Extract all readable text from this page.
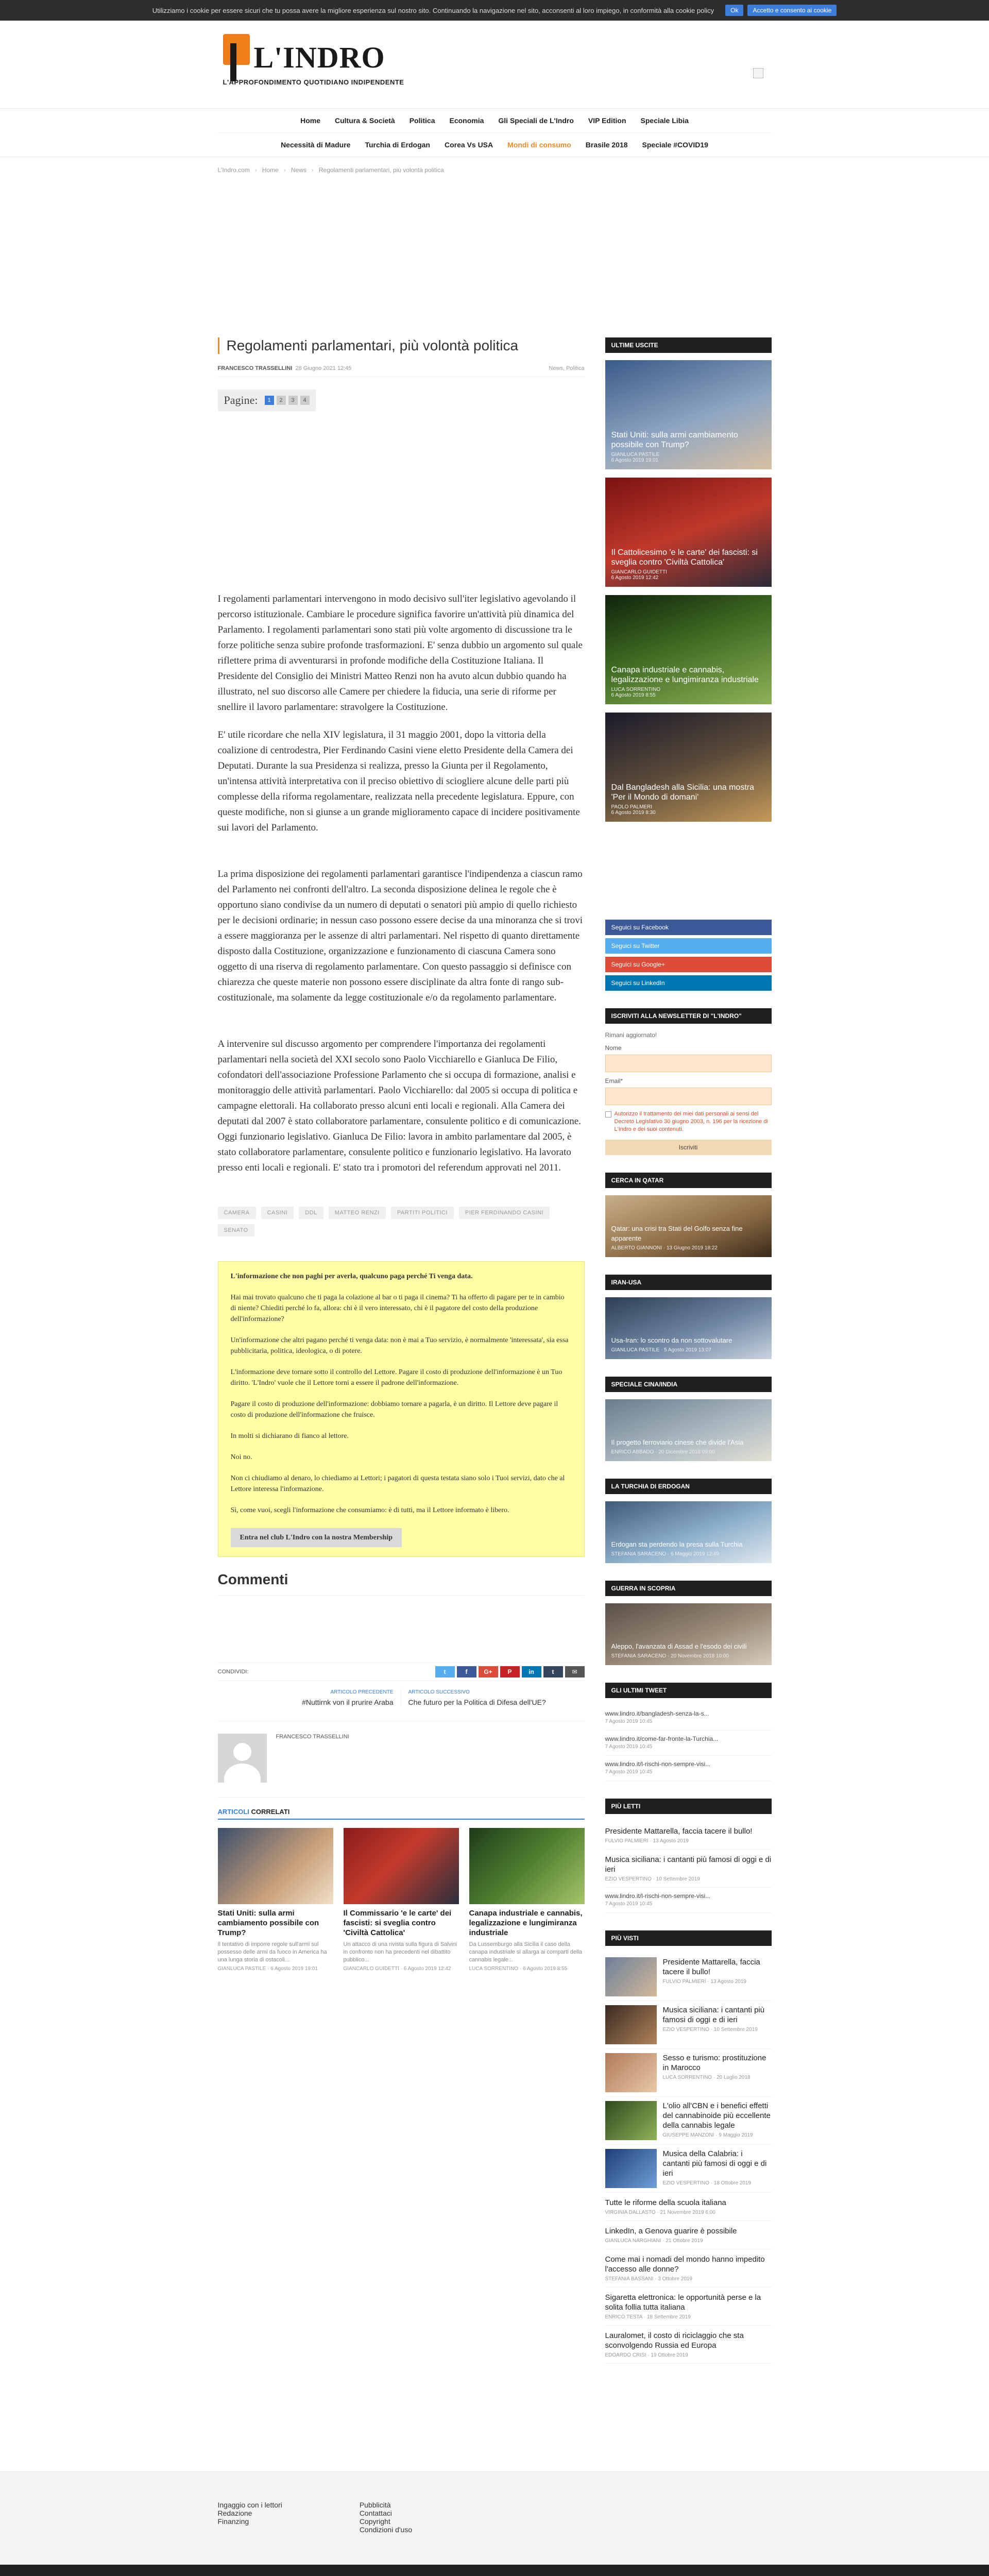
Utilizziamo i cookie per essere sicuri che tu possa avere la migliore esperienza sul nostro sito. Continuando la navigazione nel sito, acconsenti al loro impiego, in conformità alla cookie policy	Ok	Accetto e consento ai cookie
L'INDRO
L'APPROFONDIMENTO QUOTIDIANO INDIPENDENTE
Home	Cultura & Società	Politica	Economia	Gli Speciali de L'Indro	VIP Edition	Speciale Libia
Necessità di Madure	Turchia di Erdogan	Corea Vs USA	Mondi di consumo	Brasile 2018	Speciale #COVID19
L'Indro.com › Home › News › Regolamenti parlamentari, più volontà politica
Regolamenti parlamentari, più volontà politica
FRANCESCO TRASSELLINI 28 Giugno 2021 12:45	News, Politica
Pagine:	1	2	3	4

I regolamenti parlamentari intervengono in modo decisivo sull'iter legislativo agevolando il percorso istituzionale. Cambiare le procedure significa favorire un'attività più dinamica del Parlamento. I regolamenti parlamentari sono stati più volte argomento di discussione tra le forze politiche senza subire profonde trasformazioni. E' senza dubbio un argomento sul quale riflettere prima di avventurarsi in profonde modifiche della Costituzione Italiana. Il Presidente del Consiglio dei Ministri Matteo Renzi non ha avuto alcun dubbio quando ha illustrato, nel suo discorso alle Camere per chiedere la fiducia, una serie di riforme per snellire il lavoro parlamentare: stravolgere la Costituzione.

E' utile ricordare che nella XIV legislatura, il 31 maggio 2001, dopo la vittoria della coalizione di centrodestra, Pier Ferdinando Casini viene eletto Presidente della Camera dei Deputati. Durante la sua Presidenza si realizza, presso la Giunta per il Regolamento, un'intensa attività interpretativa con il preciso obiettivo di sciogliere alcune delle parti più complesse della riforma regolamentare, realizzata nella precedente legislatura. Eppure, con queste modifiche, non si giunse a un grande miglioramento capace di incidere positivamente sui lavori del Parlamento.

La prima disposizione dei regolamenti parlamentari garantisce l'indipendenza a ciascun ramo del Parlamento nei confronti dell'altro. La seconda disposizione delinea le regole che è opportuno siano condivise da un numero di deputati o senatori più ampio di quello richiesto per le decisioni ordinarie; in nessun caso possono essere decise da una minoranza che si trovi a essere maggioranza per le assenze di altri parlamentari. Nel rispetto di quanto direttamente disposto dalla Costituzione, organizzazione e funzionamento di ciascuna Camera sono oggetto di una riserva di regolamento parlamentare. Con questo passaggio si definisce con chiarezza che queste materie non possono essere disciplinate da altra fonte di rango sub-costituzionale, ma solamente da legge costituzionale e/o da regolamento parlamentare.

A intervenire sul discusso argomento per comprendere l'importanza dei regolamenti parlamentari nella società del XXI secolo sono Paolo Vicchiarello e Gianluca De Filio, cofondatori dell'associazione Professione Parlamento che si occupa di formazione, analisi e monitoraggio delle attività parlamentari. Paolo Vicchiarello: dal 2005 si occupa di politica e campagne elettorali. Ha collaborato presso alcuni enti locali e regionali. Alla Camera dei deputati dal 2007 è stato collaboratore parlamentare, consulente politico e di comunicazione. Oggi funzionario legislativo. Gianluca De Filio: lavora in ambito parlamentare dal 2005, è stato collaboratore parlamentare, consulente politico e funzionario legislativo. Ha lavorato presso enti locali e regionali. E' stato tra i promotori del referendum approvati nel 2011.

CAMERA	CASINI	DDL	MATTEO RENZI	PARTITI POLITICI	PIER FERDINANDO CASINI
SENATO

L'informazione che non paghi per averla, qualcuno paga perché Ti venga data.

Hai mai trovato qualcuno che ti paga la colazione al bar o ti paga il cinema? Ti ha offerto di pagare per te in cambio di niente? Chiediti perché lo fa, allora: chi è il vero interessato, chi è il pagatore del costo della produzione dell'informazione?

Un'informazione che altri pagano perché ti venga data: non è mai a Tuo servizio, è normalmente 'interessata', sia essa pubblicitaria, politica, ideologica, o di potere.

L'informazione deve tornare sotto il controllo del Lettore. Pagare il costo di produzione dell'informazione è un Tuo diritto. 'L'Indro' vuole che il Lettore torni a essere il padrone dell'informazione.

Pagare il costo di produzione dell'informazione: dobbiamo tornare a pagarla, è un diritto. Il Lettore deve pagare il costo di produzione dell'informazione che fruisce.

In molti si dichiarano di fianco al lettore.

Noi no.

Non ci chiudiamo al denaro, lo chiediamo ai Lettori; i pagatori di questa testata siano solo i Tuoi servizi, dato che al Lettore interessa l'informazione.

Sì, come vuoi, scegli l'informazione che consumiamo: è di tutti, ma il Lettore informato è libero.

Entra nel club L'Indro con la nostra Membership
Commenti
CONDIVIDI:	t	f	G+	P	in	t	✉
ARTICOLO PRECEDENTE
#Nuttirnk von il prurire Araba
ARTICOLO SUCCESSIVO
Che futuro per la Politica di Difesa dell'UE?
FRANCESCO TRASSELLINI
ARTICOLI CORRELATI
Stati Uniti: sulla armi cambiamento possibile con Trump?

Il tentativo di imporre regole sull'armi sul possesso delle armi da fuoco in America ha una lunga storia di ostacoli...

GIANLUCA PASTILE · 6 Agosto 2019 19:01
Il Commissario 'e le carte' dei fascisti: si sveglia contro 'Civiltà Cattolica'

Un attacco di una rivista sulla figura di Salvini in confronto non ha precedenti nel dibattito pubblico...

GIANCARLO GUIDETTI · 6 Agosto 2019 12:42
Canapa industriale e cannabis, legalizzazione e lungimiranza industriale

Da Lussemburgo alla Sicilia il caso della canapa industriale si allarga ai comparti della cannabis legale...

LUCA SORRENTINO · 6 Agosto 2019 8:55
ULTIME USCITE
Stati Uniti: sulla armi cambiamento possibile con Trump?
GIANLUCA PASTILE
6 Agosto 2019 19:01
Il Cattolicesimo 'e le carte' dei fascisti: si sveglia contro 'Civiltà Cattolica'
GIANCARLO GUIDETTI
6 Agosto 2019 12:42
Canapa industriale e cannabis, legalizzazione e lungimiranza industriale
LUCA SORRENTINO
6 Agosto 2019 8:55
Dal Bangladesh alla Sicilia: una mostra 'Per il Mondo di domani'
PAOLO PALMERI
6 Agosto 2019 8:30
Seguici su Facebook
Seguici su Twitter
Seguici su Google+
Seguici su LinkedIn
ISCRIVITI ALLA NEWSLETTER DI "L'INDRO"
Rimani aggiornato!
Nome
Email*
Autorizzo il trattamento dei miei dati personali ai sensi del Decreto Legislativo 30 giugno 2003, n. 196 per la ricezione di L'Indro e dei suoi contenuti.
Iscriviti
CERCA IN QATAR
Qatar: una crisi tra Stati del Golfo senza fine apparente
ALBERTO GIANNONI · 13 Giugno 2019 18:22
IRAN-USA
Usa-Iran: lo scontro da non sottovalutare
GIANLUCA PASTILE · 5 Agosto 2019 13:07
SPECIALE CINA/INDIA
Il progetto ferroviario cinese che divide l'Asia
ENRICO ABBADO · 20 Dicembre 2018 09:00
LA TURCHIA DI ERDOGAN
Erdogan sta perdendo la presa sulla Turchia
STEFANIA SARACENO · 6 Maggio 2019 12:49
GUERRA IN SCOPRIA
Aleppo, l'avanzata di Assad e l'esodo dei civili
STEFANIA SARACENO · 20 Novembre 2018 10:00
GLI ULTIMI TWEET
www.lindro.it/bangladesh-senza-la-s...
7 Agosto 2019 10:45
www.lindro.it/come-far-fronte-la-Turchia...
7 Agosto 2019 10:45
www.lindro.it/l-rischi-non-sempre-visi...
7 Agosto 2019 10:45
PIÙ LETTI
Presidente Mattarella, faccia tacere il bullo!
FULVIO PALMIERI · 13 Agosto 2019
Musica siciliana: i cantanti più famosi di oggi e di ieri
EZIO VESPERTINO · 10 Settembre 2019
www.lindro.it/l-rischi-non-sempre-visi...
7 Agosto 2019 10:45
PIÙ VISTI
Presidente Mattarella, faccia tacere il bullo!
FULVIO PALMIERI · 13 Agosto 2019
Musica siciliana: i cantanti più famosi di oggi e di ieri
EZIO VESPERTINO · 10 Settembre 2019
Sesso e turismo: prostituzione in Marocco
LUCA SORRENTINO · 20 Luglio 2018
L'olio all'CBN e i benefici effetti del cannabinoide più eccellente della cannabis legale
GIUSEPPE MANZONI · 9 Maggio 2019
Musica della Calabria: i cantanti più famosi di oggi e di ieri
EZIO VESPERTINO · 18 Ottobre 2019
Tutte le riforme della scuola italiana
VIRGINIA DALLASTO · 21 Novembre 2019 6:00
LinkedIn, a Genova guarire è possibile
GIANLUCA NARGHIANI · 21 Ottobre 2019
Come mai i nomadi del mondo hanno impedito l'accesso alle donne?
STEFANIA BASSANI · 3 Ottobre 2019
Sigaretta elettronica: le opportunità perse e la solita follia tutta italiana
ENRICO TESTA · 18 Settembre 2019
Lauralomet, il costo di riciclaggio che sta sconvolgendo Russia ed Europa
EDOARDO CRISI · 19 Ottobre 2019
Ingaggio con i lettori
Redazione
Finanzing
Pubblicità
Contattaci
Copyright
Condizioni d'uso
